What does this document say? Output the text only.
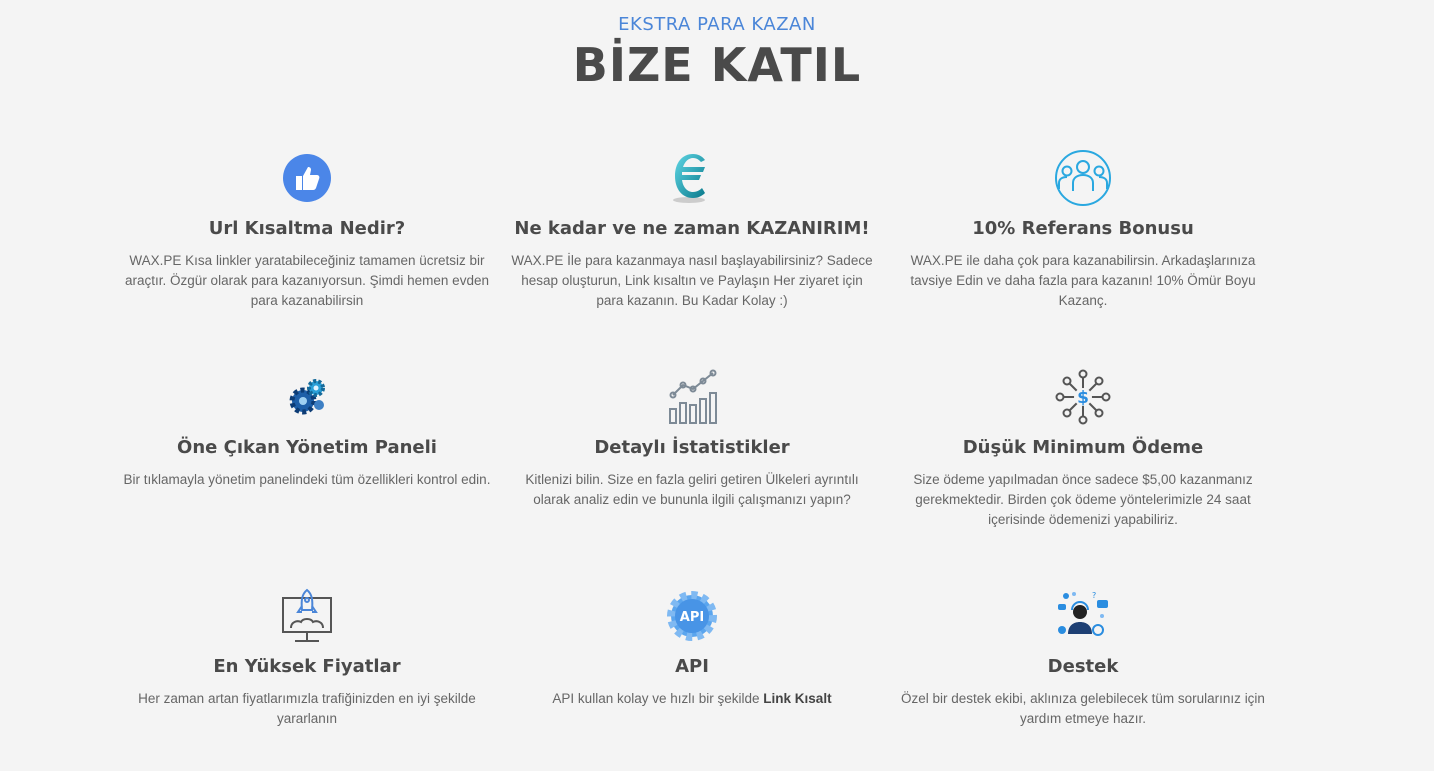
EKSTRA PARA KAZAN
BİZE KATIL
Url Kısaltma Nedir?
WAX.PE Kısa linkler yaratabileceğiniz tamamen ücretsiz bir araçtır. Özgür olarak para kazanıyorsun. Şimdi hemen evden para kazanabilirsin
Ne kadar ve ne zaman KAZANIRIM!
WAX.PE İle para kazanmaya nasıl başlayabilirsiniz? Sadece hesap oluşturun, Link kısaltın ve Paylaşın Her ziyaret için para kazanın. Bu Kadar Kolay :)
10% Referans Bonusu
WAX.PE ile daha çok para kazanabilirsin. Arkadaşlarınıza tavsiye Edin ve daha fazla para kazanın! 10% Ömür Boyu Kazanç.
Öne Çıkan Yönetim Paneli
Bir tıklamayla yönetim panelindeki tüm özellikleri kontrol edin.
Detaylı İstatistikler
Kitlenizi bilin. Size en fazla geliri getiren Ülkeleri ayrıntılı olarak analiz edin ve bununla ilgili çalışmanızı yapın?
$
Düşük Minimum Ödeme
Size ödeme yapılmadan önce sadece $5,00 kazanmanız gerekmektedir. Birden çok ödeme yöntelerimizle 24 saat içerisinde ödemenizi yapabiliriz.
En Yüksek Fiyatlar
Her zaman artan fiyatlarımızla trafiğinizden en iyi şekilde yararlanın
API
API
API kullan kolay ve hızlı bir şekilde Link Kısalt
?
Destek
Özel bir destek ekibi, aklınıza gelebilecek tüm sorularınız için yardım etmeye hazır.
